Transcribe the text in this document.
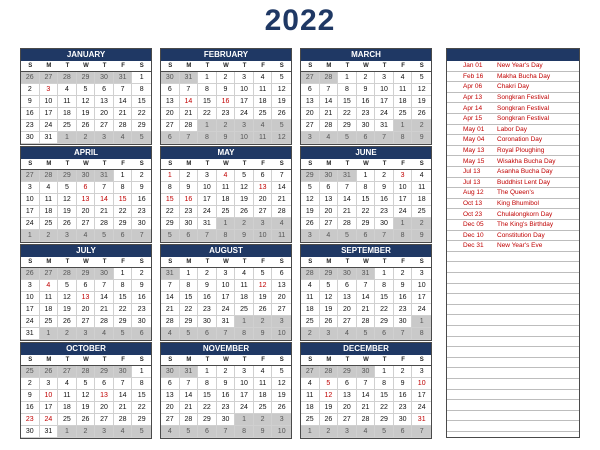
2022
JANUARY
S	M	T	W	T	F	S
26	27	28	29	30	31	1
2	3	4	5	6	7	8
9	10	11	12	13	14	15
16	17	18	19	20	21	22
23	24	25	26	27	28	29
30	31	1	2	3	4	5
FEBRUARY
S	M	T	W	T	F	S
30	31	1	2	3	4	5
6	7	8	9	10	11	12
13	14	15	16	17	18	19
20	21	22	23	24	25	26
27	28	1	2	3	4	5
6	7	8	9	10	11	12
MARCH
S	M	T	W	T	F	S
27	28	1	2	3	4	5
6	7	8	9	10	11	12
13	14	15	16	17	18	19
20	21	22	23	24	25	26
27	28	29	30	31	1	2
3	4	5	6	7	8	9
APRIL
S	M	T	W	T	F	S
27	28	29	30	31	1	2
3	4	5	6	7	8	9
10	11	12	13	14	15	16
17	18	19	20	21	22	23
24	25	26	27	28	29	30
1	2	3	4	5	6	7
MAY
S	M	T	W	T	F	S
1	2	3	4	5	6	7
8	9	10	11	12	13	14
15	16	17	18	19	20	21
22	23	24	25	26	27	28
29	30	31	1	2	3	4
5	6	7	8	9	10	11
JUNE
S	M	T	W	T	F	S
29	30	31	1	2	3	4
5	6	7	8	9	10	11
12	13	14	15	16	17	18
19	20	21	22	23	24	25
26	27	28	29	30	1	2
3	4	5	6	7	8	9
JULY
S	M	T	W	T	F	S
26	27	28	29	30	1	2
3	4	5	6	7	8	9
10	11	12	13	14	15	16
17	18	19	20	21	22	23
24	25	26	27	28	29	30
31	1	2	3	4	5	6
AUGUST
S	M	T	W	T	F	S
31	1	2	3	4	5	6
7	8	9	10	11	12	13
14	15	16	17	18	19	20
21	22	23	24	25	26	27
28	29	30	31	1	2	3
4	5	6	7	8	9	10
SEPTEMBER
S	M	T	W	T	F	S
28	29	30	31	1	2	3
4	5	6	7	8	9	10
11	12	13	14	15	16	17
18	19	20	21	22	23	24
25	26	27	28	29	30	1
2	3	4	5	6	7	8
OCTOBER
S	M	T	W	T	F	S
25	26	27	28	29	30	1
2	3	4	5	6	7	8
9	10	11	12	13	14	15
16	17	18	19	20	21	22
23	24	25	26	27	28	29
30	31	1	2	3	4	5
NOVEMBER
S	M	T	W	T	F	S
30	31	1	2	3	4	5
6	7	8	9	10	11	12
13	14	15	16	17	18	19
20	21	22	23	24	25	26
27	28	29	30	1	2	3
4	5	6	7	8	9	10
DECEMBER
S	M	T	W	T	F	S
27	28	29	30	1	2	3
4	5	6	7	8	9	10
11	12	13	14	15	16	17
18	19	20	21	22	23	24
25	26	27	28	29	30	31
1	2	3	4	5	6	7
Jan 01	New Year's Day
Feb 16	Makha Bucha Day
Apr 06	Chakri Day
Apr 13	Songkran Festival
Apr 14	Songkran Festival
Apr 15	Songkran Festival
May 01	Labor Day
May 04	Coronation Day
May 13	Royal Ploughing
May 15	Wisakha Bucha Day
Jul 13	Asanha Bucha Day
Jul 13	Buddhist Lent Day
Aug 12	The Queen's
Oct 13	King Bhumibol
Oct 23	Chulalongkorn Day
Dec 05	The King's Birthday
Dec 10	Constitution Day
Dec 31	New Year's Eve
